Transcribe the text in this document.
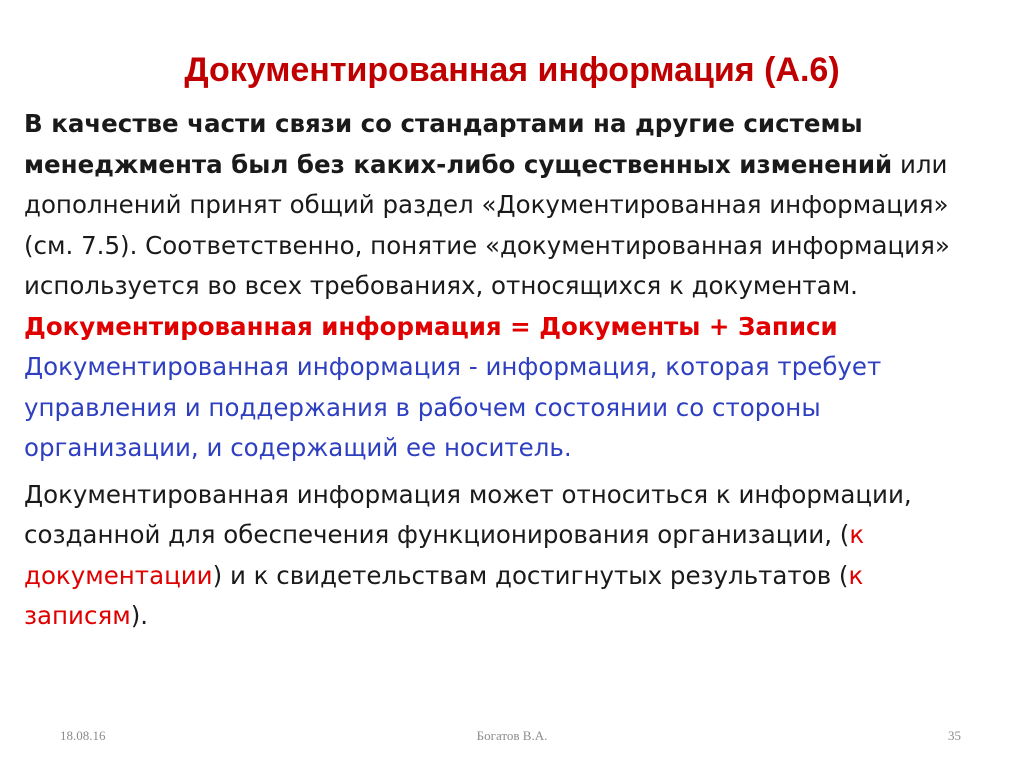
Документированная информация (А.6)

В качестве части связи со стандартами на другие системы менеджмента был без каких-либо существенных изменений или дополнений принят общий раздел «Документированная информация» (см. 7.5). Соответственно, понятие «документированная информация» используется во всех требованиях, относящихся к документам.

Документированная информация = Документы + Записи

Документированная информация - информация, которая требует управления и поддержания в рабочем состоянии со стороны организации, и содержащий ее носитель.

Документированная информация может относиться к информации, созданной для обеспечения функционирования организации, (к документации) и к свидетельствам достигнутых результатов (к записям).

18.08.16	Богатов В.А.	35
